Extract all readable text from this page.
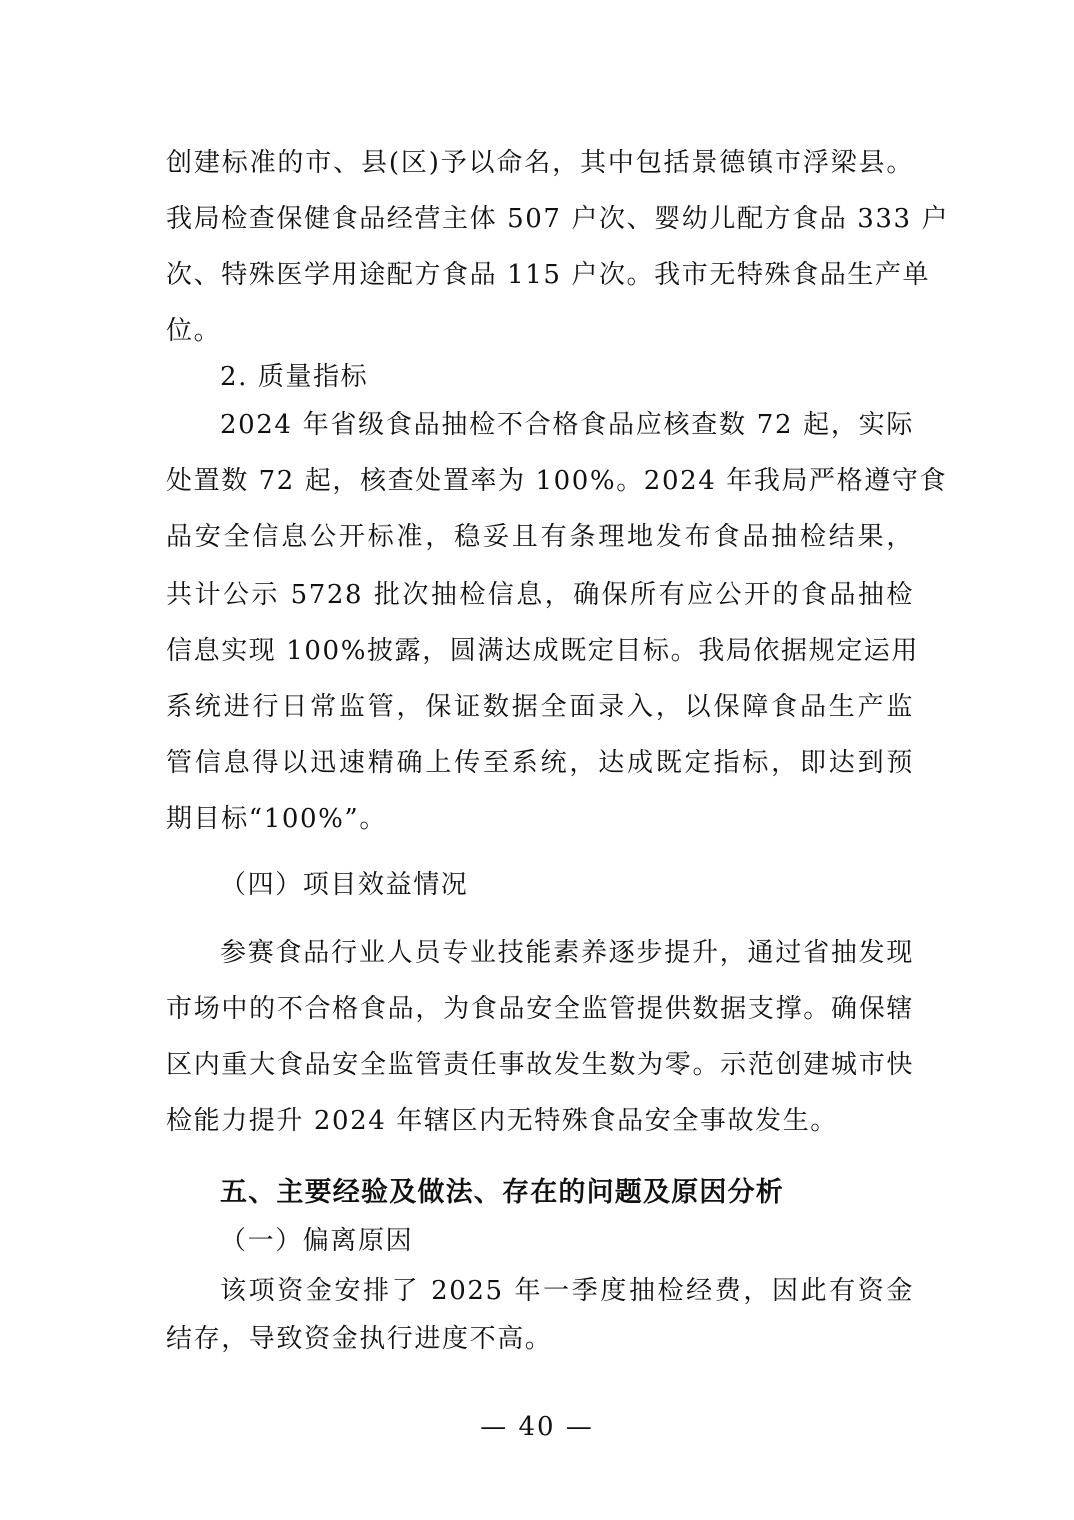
创建标准的市、县(区)予以命名，其中包括景德镇市浮梁县。
我局检查保健食品经营主体 507 户次、婴幼儿配方食品 333 户
次、特殊医学用途配方食品 115 户次。我市无特殊食品生产单
位。
2. 质量指标
2024 年省级食品抽检不合格食品应核查数 72 起，实际
处置数 72 起，核查处置率为 100%。2024 年我局严格遵守食
品安全信息公开标准，稳妥且有条理地发布食品抽检结果，
共计公示 5728 批次抽检信息，确保所有应公开的食品抽检
信息实现 100%披露，圆满达成既定目标。我局依据规定运用
系统进行日常监管，保证数据全面录入，以保障食品生产监
管信息得以迅速精确上传至系统，达成既定指标，即达到预
期目标“100%”。
（四）项目效益情况
参赛食品行业人员专业技能素养逐步提升，通过省抽发现
市场中的不合格食品，为食品安全监管提供数据支撑。确保辖
区内重大食品安全监管责任事故发生数为零。示范创建城市快
检能力提升 2024 年辖区内无特殊食品安全事故发生。
五、主要经验及做法、存在的问题及原因分析
（一）偏离原因
该项资金安排了 2025 年一季度抽检经费，因此有资金
结存，导致资金执行进度不高。
— 40 —
